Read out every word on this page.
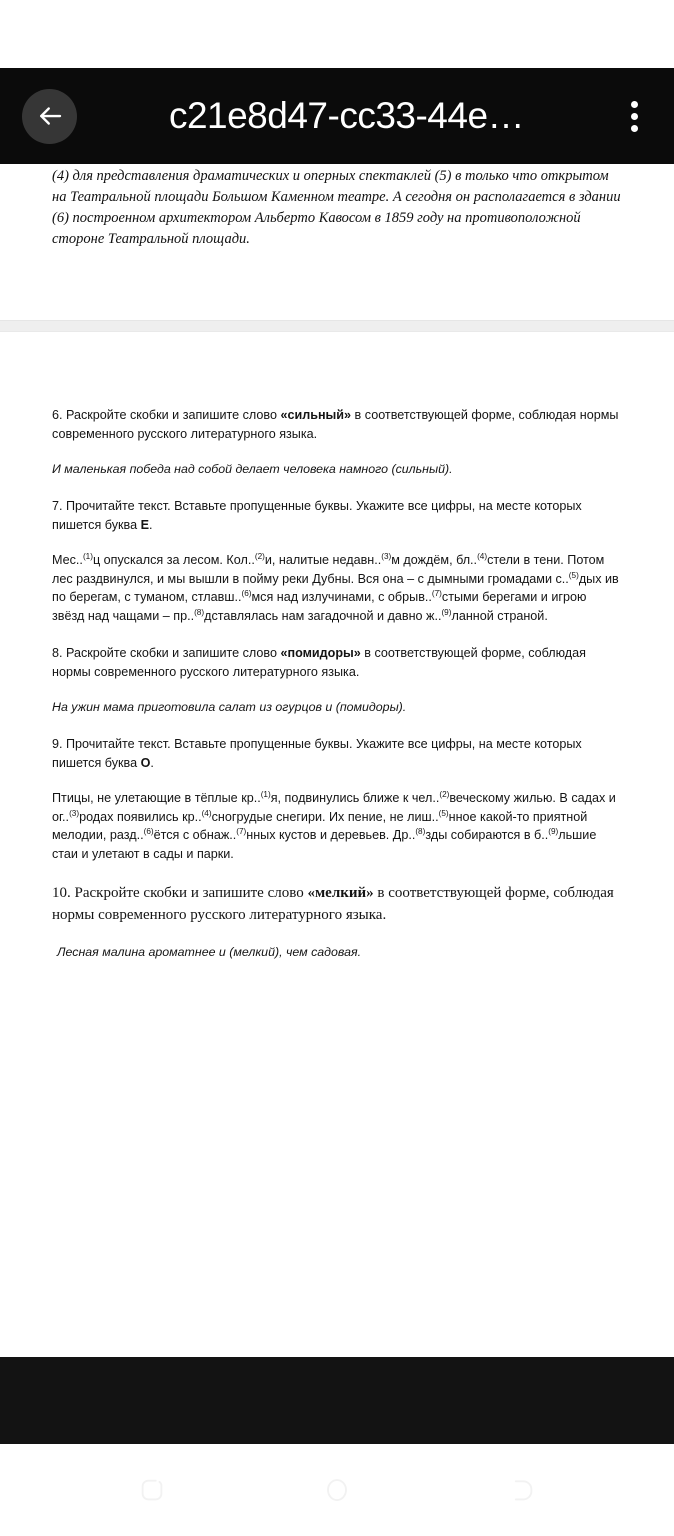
c21e8d47-cc33-44e…

(4) для представления драматических и оперных спектаклей (5) в только что открытом на Театральной площади Большом Каменном театре. А сегодня он располагается в здании (6) построенном архитектором Альберто Кавосом в 1859 году на противоположной стороне Театральной площади.

6. Раскройте скобки и запишите слово «сильный» в соответствующей форме, соблюдая нормы современного русского литературного языка.

И маленькая победа над собой делает человека намного (сильный).

7. Прочитайте текст. Вставьте пропущенные буквы. Укажите все цифры, на месте которых пишется буква Е.

Мес..$^{(1)}$ц опускался за лесом. Кол..$^{(2)}$и, налитые недавн..$^{(3)}$м дождём, бл..$^{(4)}$стели в тени. Потом лес раздвинулся, и мы вышли в пойму реки Дубны. Вся она – с дымными громадами с..$^{(5)}$дых ив по берегам, с туманом, стлавш..$^{(6)}$мся над излучинами, с обрыв..$^{(7)}$стыми берегами и игрою звёзд над чащами – пр..$^{(8)}$дставлялась нам загадочной и давно ж..$^{(9)}$ланной страной.

8. Раскройте скобки и запишите слово «помидоры» в соответствующей форме, соблюдая нормы современного русского литературного языка.

На ужин мама приготовила салат из огурцов и (помидоры).

9. Прочитайте текст. Вставьте пропущенные буквы. Укажите все цифры, на месте которых пишется буква О.

Птицы, не улетающие в тёплые кр..$^{(1)}$я, подвинулись ближе к чел..$^{(2)}$веческому жилью. В садах и ог..$^{(3)}$родах появились кр..$^{(4)}$сногрудые снегири. Их пение, не лиш..$^{(5)}$нное какой-то приятной мелодии, разд..$^{(6)}$ётся с обнаж..$^{(7)}$нных кустов и деревьев. Др..$^{(8)}$зды собираются в б..$^{(9)}$льшие стаи и улетают в сады и парки.

10. Раскройте скобки и запишите слово «мелкий» в соответствующей форме, соблюдая нормы современного русского литературного языка.

Лесная малина ароматнее и (мелкий), чем садовая.
